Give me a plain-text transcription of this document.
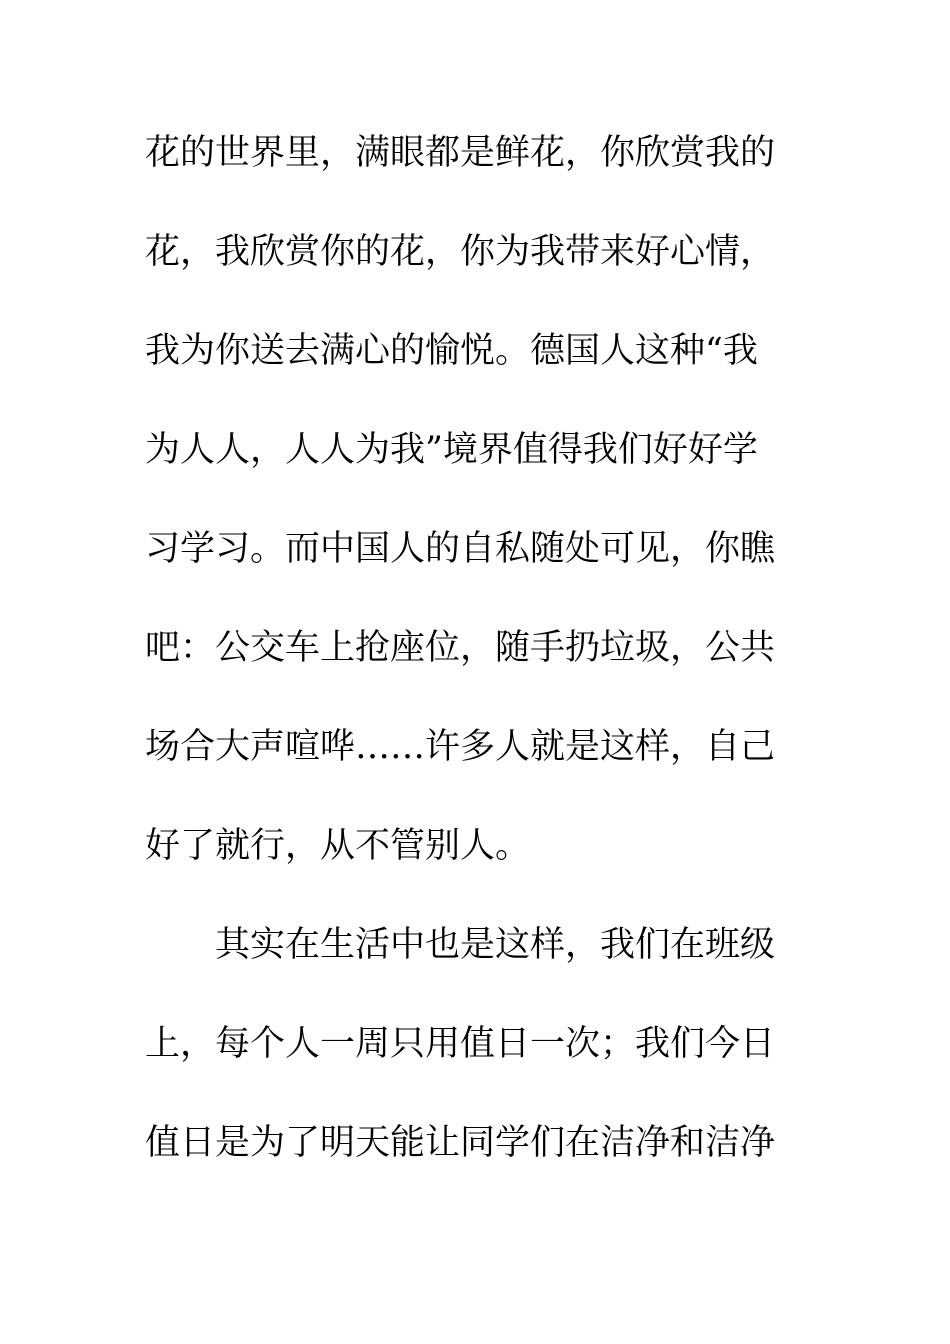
花的世界里，满眼都是鲜花，你欣赏我的
花，我欣赏你的花，你为我带来好心情，
我为你送去满心的愉悦。德国人这种“我
为人人，人人为我”境界值得我们好好学
习学习。而中国人的自私随处可见，你瞧
吧：公交车上抢座位，随手扔垃圾，公共
场合大声喧哗……许多人就是这样，自己
好了就行，从不管别人。
其实在生活中也是这样，我们在班级
上，每个人一周只用值日一次；我们今日
值日是为了明天能让同学们在洁净和洁净
